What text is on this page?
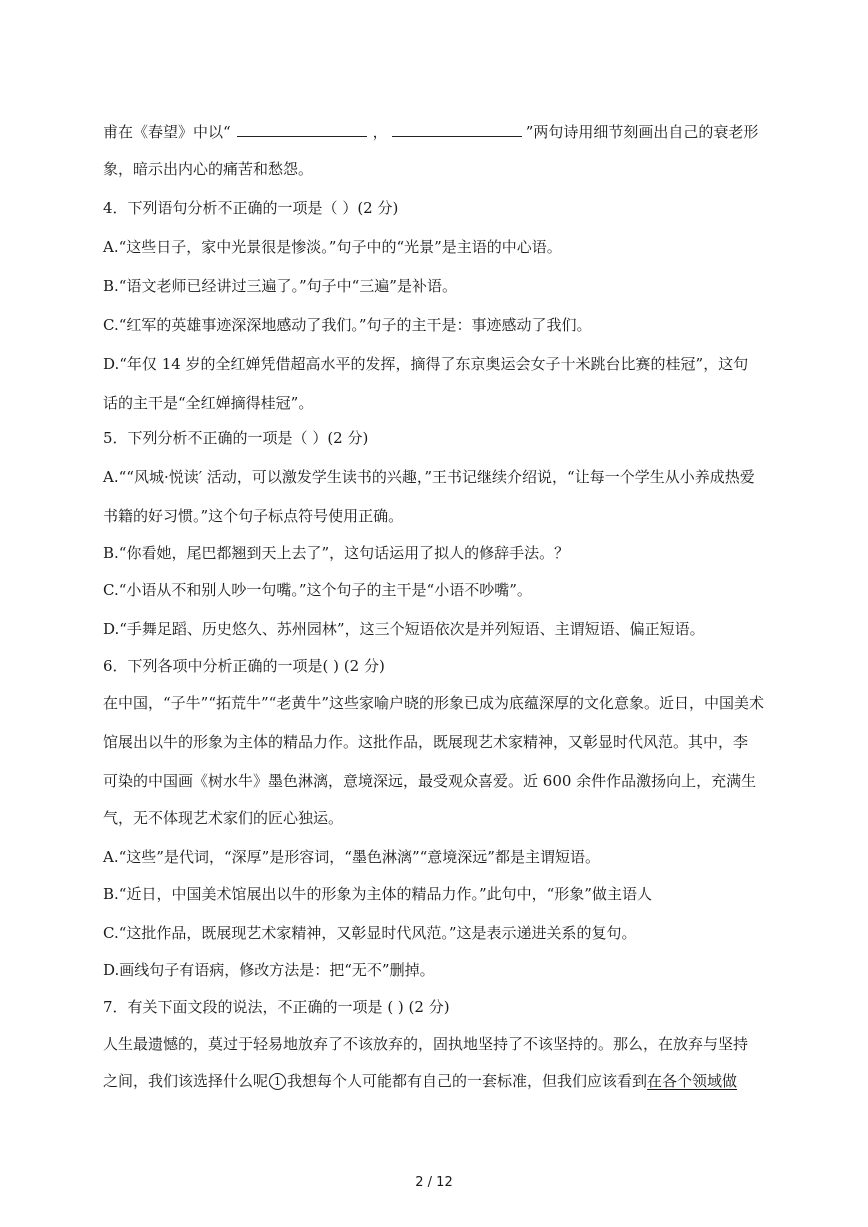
甫在《春望》中以“	，	”两句诗用细节刻画出自己的衰老形
象，暗示出内心的痛苦和愁怨。
4．下列语句分析不正确的一项是（ ）(2 分)
A.“这些日子，家中光景很是惨淡。”句子中的“光景”是主语的中心语。
B.“语文老师已经讲过三遍了。”句子中“三遍”是补语。
C.“红军的英雄事迹深深地感动了我们。”句子的主干是：事迹感动了我们。
D.“年仅 14 岁的全红婵凭借超高水平的发挥，摘得了东京奥运会女子十米跳台比赛的桂冠”，这句
话的主干是“全红婵摘得桂冠”。
5．下列分析不正确的一项是（ ）(2 分)
A.““风城·悦读′ 活动，可以激发学生读书的兴趣，”王书记继续介绍说，“让每一个学生从小养成热爱
书籍的好习惯。”这个句子标点符号使用正确。
B.“你看她，尾巴都翘到天上去了”，这句话运用了拟人的修辞手法。？
C.“小语从不和别人吵一句嘴。”这个句子的主干是“小语不吵嘴”。
D.“手舞足蹈、历史悠久、苏州园林”，这三个短语依次是并列短语、主谓短语、偏正短语。
6．下列各项中分析正确的一项是( ) (2 分)
在中国，“子牛”“拓荒牛”“老黄牛”这些家喻户晓的形象已成为底蕴深厚的文化意象。近日，中国美术
馆展出以牛的形象为主体的精品力作。这批作品，既展现艺术家精神，又彰显时代风范。其中，李
可染的中国画《树水牛》墨色淋漓，意境深远，最受观众喜爱。近 600 余件作品激扬向上，充满生
气，无不体现艺术家们的匠心独运。
A.“这些”是代词，“深厚”是形容词，“墨色淋漓”“意境深远”都是主谓短语。
B.“近日，中国美术馆展出以牛的形象为主体的精品力作。”此句中，“形象”做主语人
C.“这批作品，既展现艺术家精神，又彰显时代风范。”这是表示递进关系的复句。
D.画线句子有语病，修改方法是：把“无不”删掉。
7．有关下面文段的说法，不正确的一项是 ( ) (2 分)
人生最遗憾的，莫过于轻易地放弃了不该放弃的，固执地坚持了不该坚持的。那么，在放弃与坚持
之间，我们该选择什么呢 1 我想每个人可能都有自己的一套标准，但我们应该看到在各个领域做
2 / 12
